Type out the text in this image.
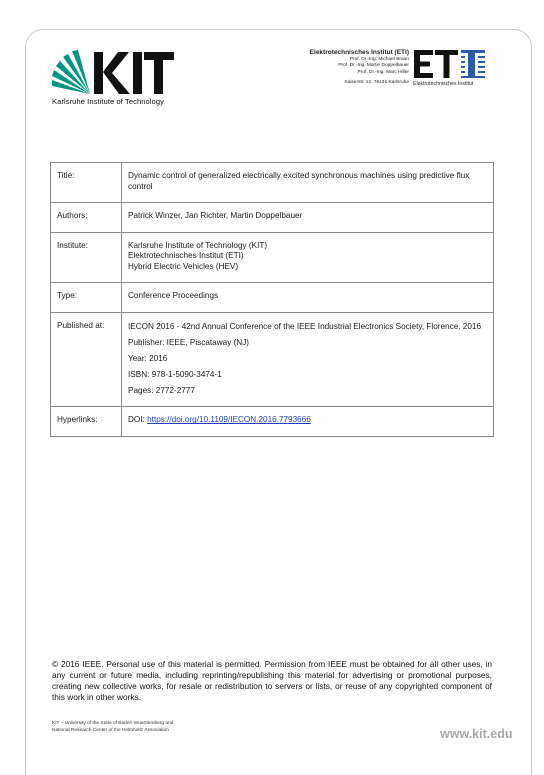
Karlsruhe Institute of Technology
Elektrotechnisches Institut (ETI)
Prof. Dr.-Ing. Michael Braun
Prof. Dr.-Ing. Martin Doppelbauer
Prof. Dr.-Ing. Marc Hiller
Kaiserstr. 12. 76131 Karlsruhe Elektrotechnisches Institut
Title:	Dynamic control of generalized electrically excited synchronous machines using predictive flux control
Authors:	Patrick Winzer, Jan Richter, Martin Doppelbauer
Institute:	Karlsruhe Institute of Technology (KIT)
Elektrotechnisches Institut (ETI)
Hybrid Electric Vehicles (HEV)

Type:	Conference Proceedings
Published at:	IECON 2016 - 42nd Annual Conference of the IEEE Industrial Electronics Society, Florence, 2016
Publisher: IEEE, Piscataway (NJ)
Year: 2016
ISBN: 978-1-5090-3474-1
Pages: 2772-2777

Hyperlinks:	DOI: https://doi.org/10.1109/IECON.2016.7793666
© 2016 IEEE. Personal use of this material is permitted. Permission from IEEE must be obtained for all other uses, in any current or future media, including reprinting/republishing this material for advertising or promotional purposes, creating new collective works, for resale or redistribution to servers or lists, or reuse of any copyrighted component of this work in other works.
KIT – University of the State of Baden-Wuerttemberg and
National Research Center of the Helmholtz Association	www.kit.edu
